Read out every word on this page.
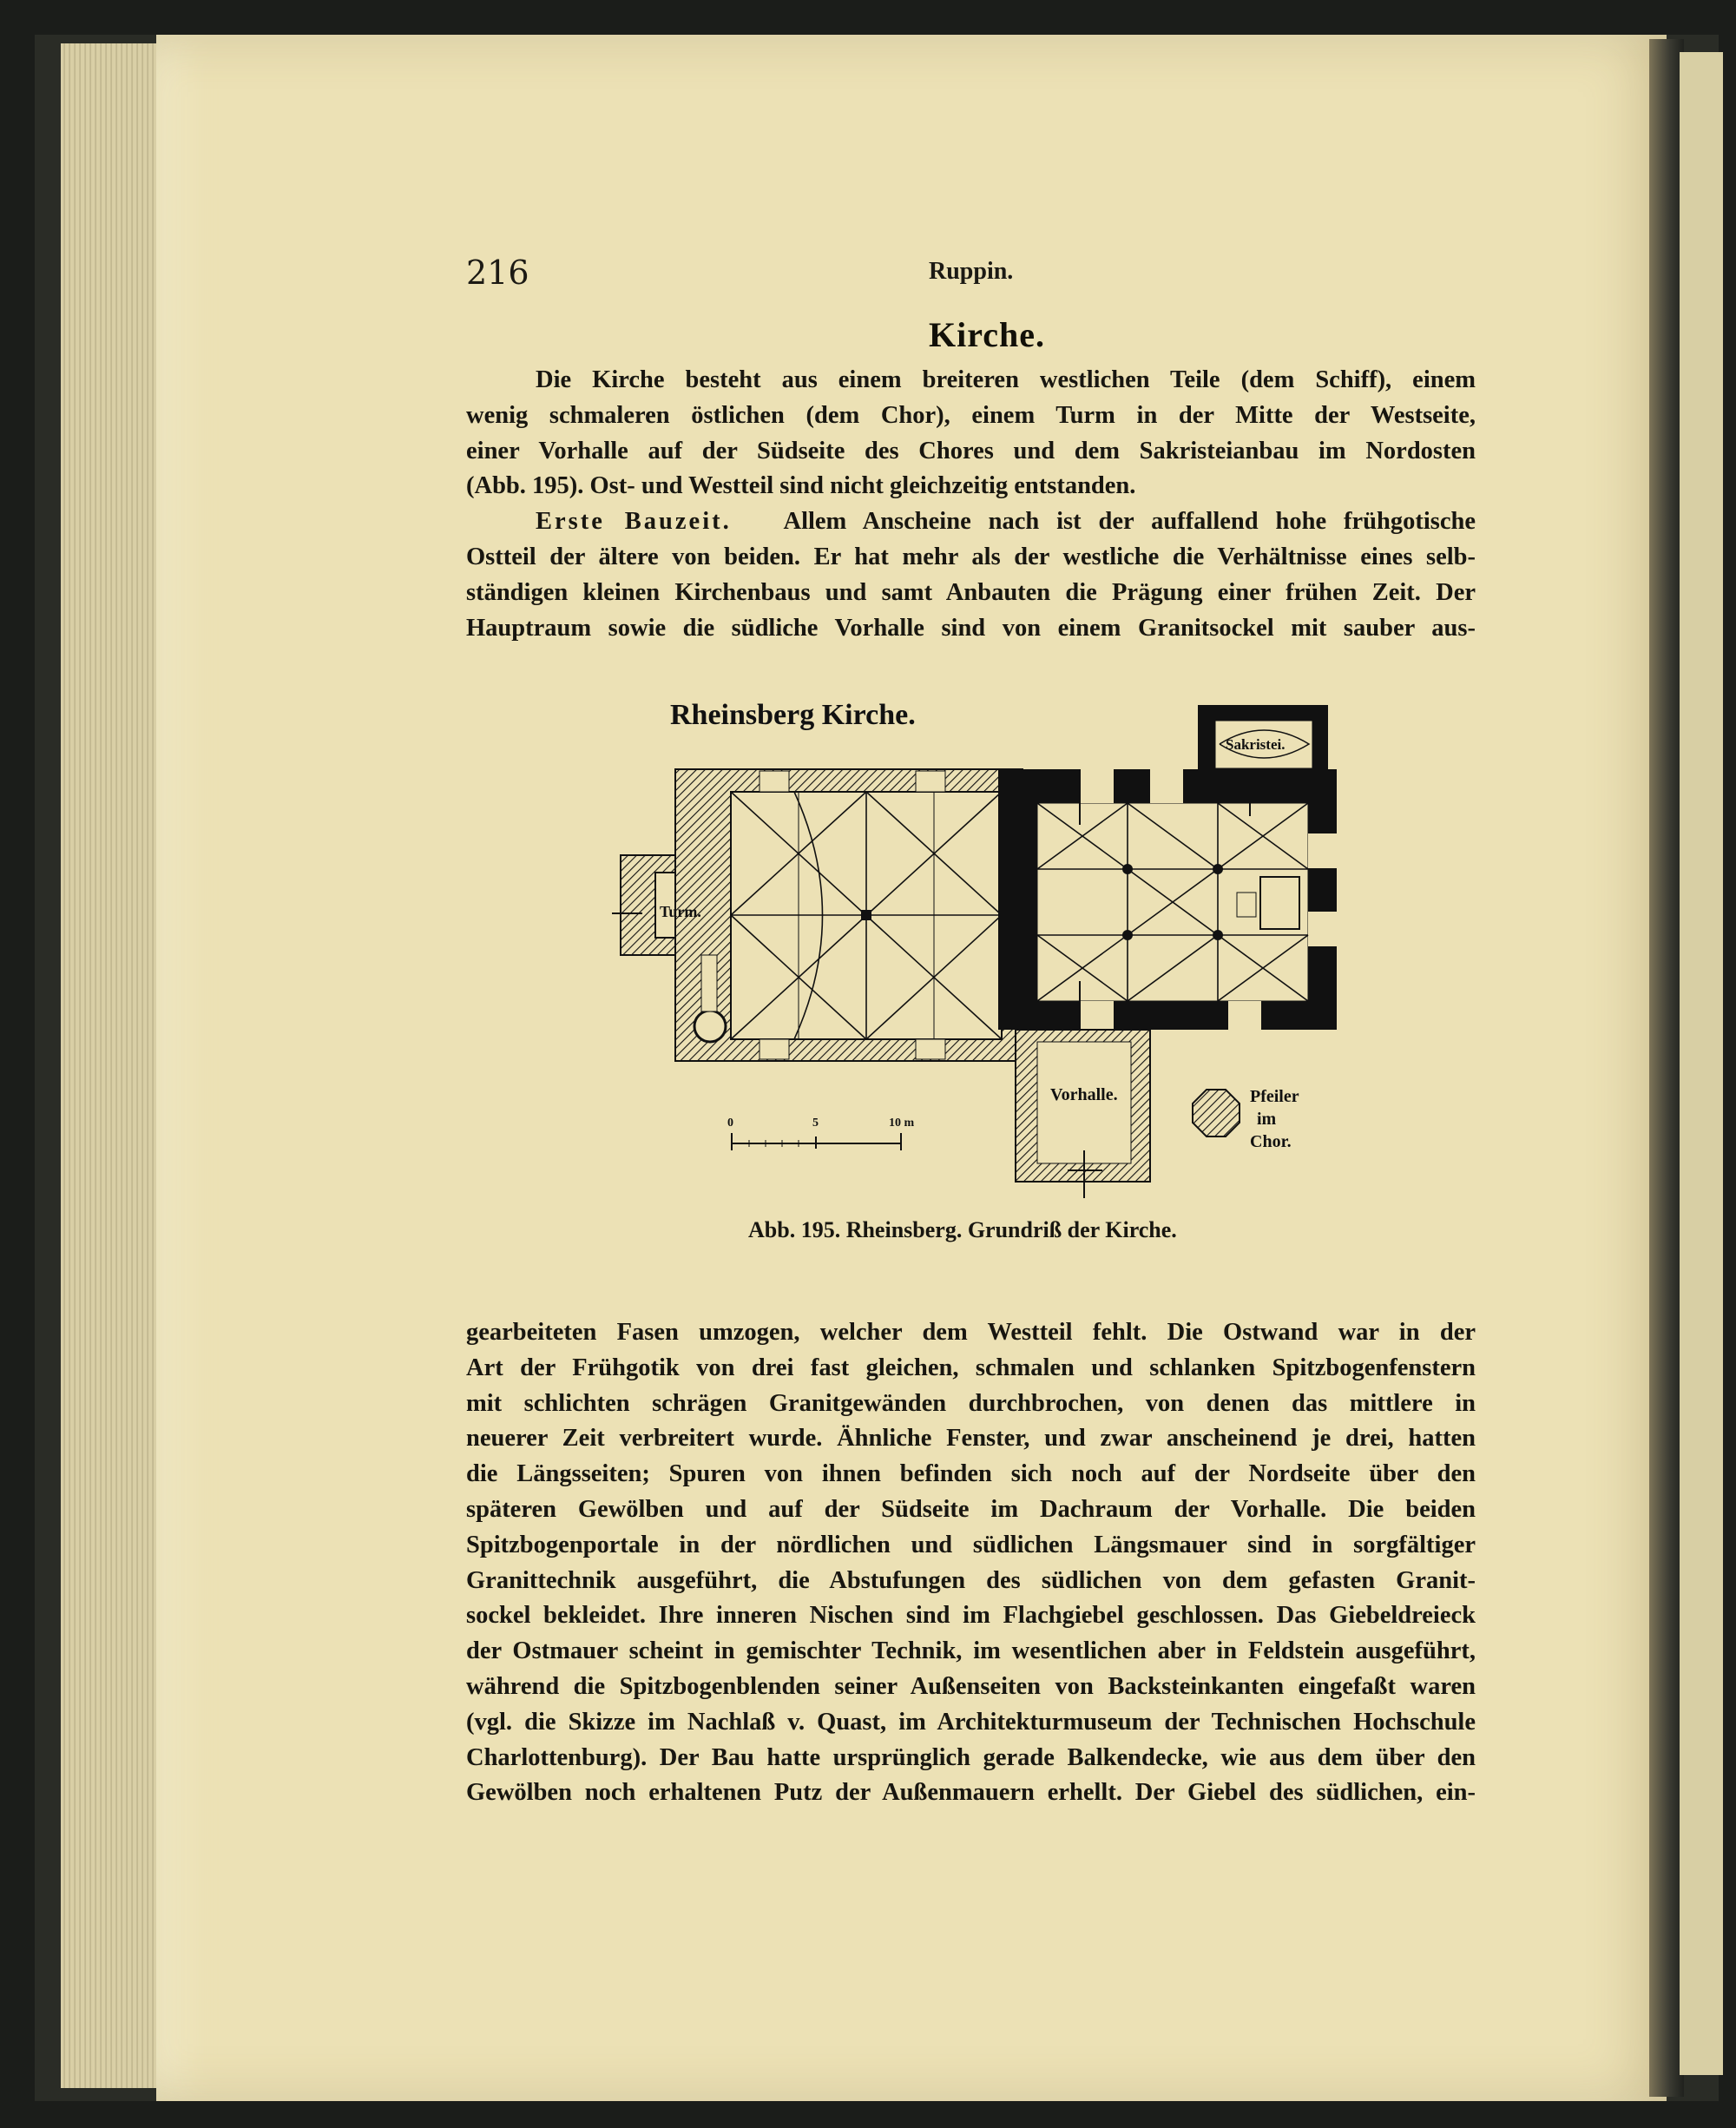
216	Ruppin.
Kirche.
Die Kirche besteht aus einem breiteren westlichen Teile (dem Schiff), einem
wenig schmaleren östlichen (dem Chor), einem Turm in der Mitte der Westseite,
einer Vorhalle auf der Südseite des Chores und dem Sakristeianbau im Nordosten
(Abb. 195). Ost- und Westteil sind nicht gleichzeitig entstanden.
Erste Bauzeit. Allem Anscheine nach ist der auffallend hohe frühgotische
Ostteil der ältere von beiden. Er hat mehr als der westliche die Verhältnisse eines selb-
ständigen kleinen Kirchenbaus und samt Anbauten die Prägung einer frühen Zeit. Der
Hauptraum sowie die südliche Vorhalle sind von einem Granitsockel mit sauber aus-
Rheinsberg Kirche.
Turm.
Sakristei.
Vorhalle.	Pfeiler
im
Chor.
0	5	10 m
Abb. 195. Rheinsberg. Grundriß der Kirche.
gearbeiteten Fasen umzogen, welcher dem Westteil fehlt. Die Ostwand war in der
Art der Frühgotik von drei fast gleichen, schmalen und schlanken Spitzbogenfenstern
mit schlichten schrägen Granitgewänden durchbrochen, von denen das mittlere in
neuerer Zeit verbreitert wurde. Ähnliche Fenster, und zwar anscheinend je drei, hatten
die Längsseiten; Spuren von ihnen befinden sich noch auf der Nordseite über den
späteren Gewölben und auf der Südseite im Dachraum der Vorhalle. Die beiden
Spitzbogenportale in der nördlichen und südlichen Längsmauer sind in sorgfältiger
Granittechnik ausgeführt, die Abstufungen des südlichen von dem gefasten Granit-
sockel bekleidet. Ihre inneren Nischen sind im Flachgiebel geschlossen. Das Giebeldreieck
der Ostmauer scheint in gemischter Technik, im wesentlichen aber in Feldstein ausgeführt,
während die Spitzbogenblenden seiner Außenseiten von Backsteinkanten eingefaßt waren
(vgl. die Skizze im Nachlaß v. Quast, im Architekturmuseum der Technischen Hochschule
Charlottenburg). Der Bau hatte ursprünglich gerade Balkendecke, wie aus dem über den
Gewölben noch erhaltenen Putz der Außenmauern erhellt. Der Giebel des südlichen, ein-
